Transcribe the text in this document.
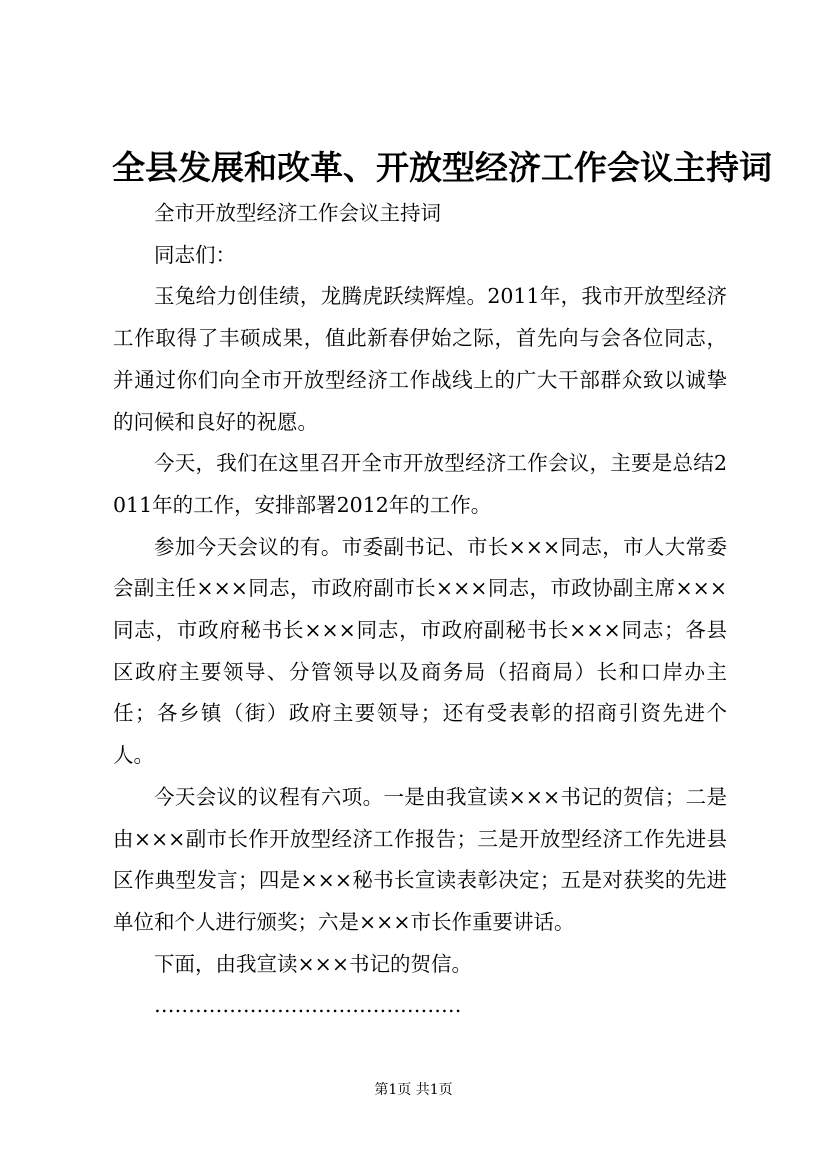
全县发展和改革、开放型经济工作会议主持词

全市开放型经济工作会议主持词

同志们：

玉兔给力创佳绩，龙腾虎跃续辉煌。2011年，我市开放型经济工作取得了丰硕成果，值此新春伊始之际，首先向与会各位同志，并通过你们向全市开放型经济工作战线上的广大干部群众致以诚挚的问候和良好的祝愿。

今天，我们在这里召开全市开放型经济工作会议，主要是总结2011年的工作，安排部署2012年的工作。

参加今天会议的有。市委副书记、市长×××同志，市人大常委会副主任×××同志，市政府副市长×××同志，市政协副主席×××同志，市政府秘书长×××同志，市政府副秘书长×××同志；各县区政府主要领导、分管领导以及商务局（招商局）长和口岸办主任；各乡镇（街）政府主要领导；还有受表彰的招商引资先进个人。

今天会议的议程有六项。一是由我宣读×××书记的贺信；二是由×××副市长作开放型经济工作报告；三是开放型经济工作先进县区作典型发言；四是×××秘书长宣读表彰决定；五是对获奖的先进单位和个人进行颁奖；六是×××市长作重要讲话。

下面，由我宣读×××书记的贺信。

………………………………………

第1页 共1页
